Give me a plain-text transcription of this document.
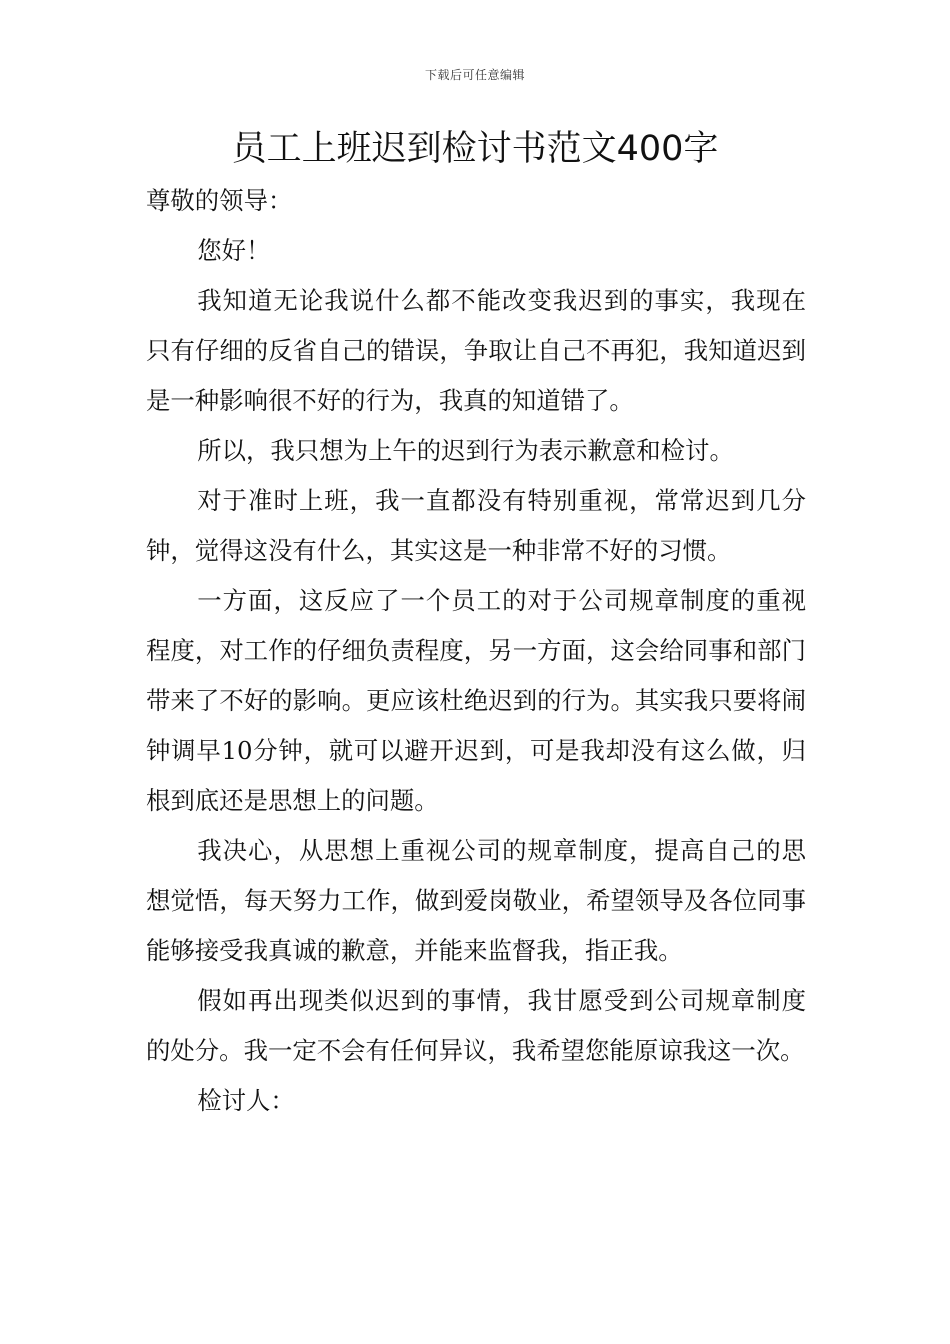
下载后可任意编辑
员工上班迟到检讨书范文400字

尊敬的领导：

您好！

我知道无论我说什么都不能改变我迟到的事实，我现在只有仔细的反省自己的错误，争取让自己不再犯，我知道迟到是一种影响很不好的行为，我真的知道错了。

所以，我只想为上午的迟到行为表示歉意和检讨。

对于准时上班，我一直都没有特别重视，常常迟到几分钟，觉得这没有什么，其实这是一种非常不好的习惯。

一方面，这反应了一个员工的对于公司规章制度的重视程度，对工作的仔细负责程度，另一方面，这会给同事和部门带来了不好的影响。更应该杜绝迟到的行为。其实我只要将闹钟调早10分钟，就可以避开迟到，可是我却没有这么做，归根到底还是思想上的问题。

我决心，从思想上重视公司的规章制度，提高自己的思想觉悟，每天努力工作，做到爱岗敬业，希望领导及各位同事能够接受我真诚的歉意，并能来监督我，指正我。

假如再出现类似迟到的事情，我甘愿受到公司规章制度的处分。我一定不会有任何异议，我希望您能原谅我这一次。

检讨人：
